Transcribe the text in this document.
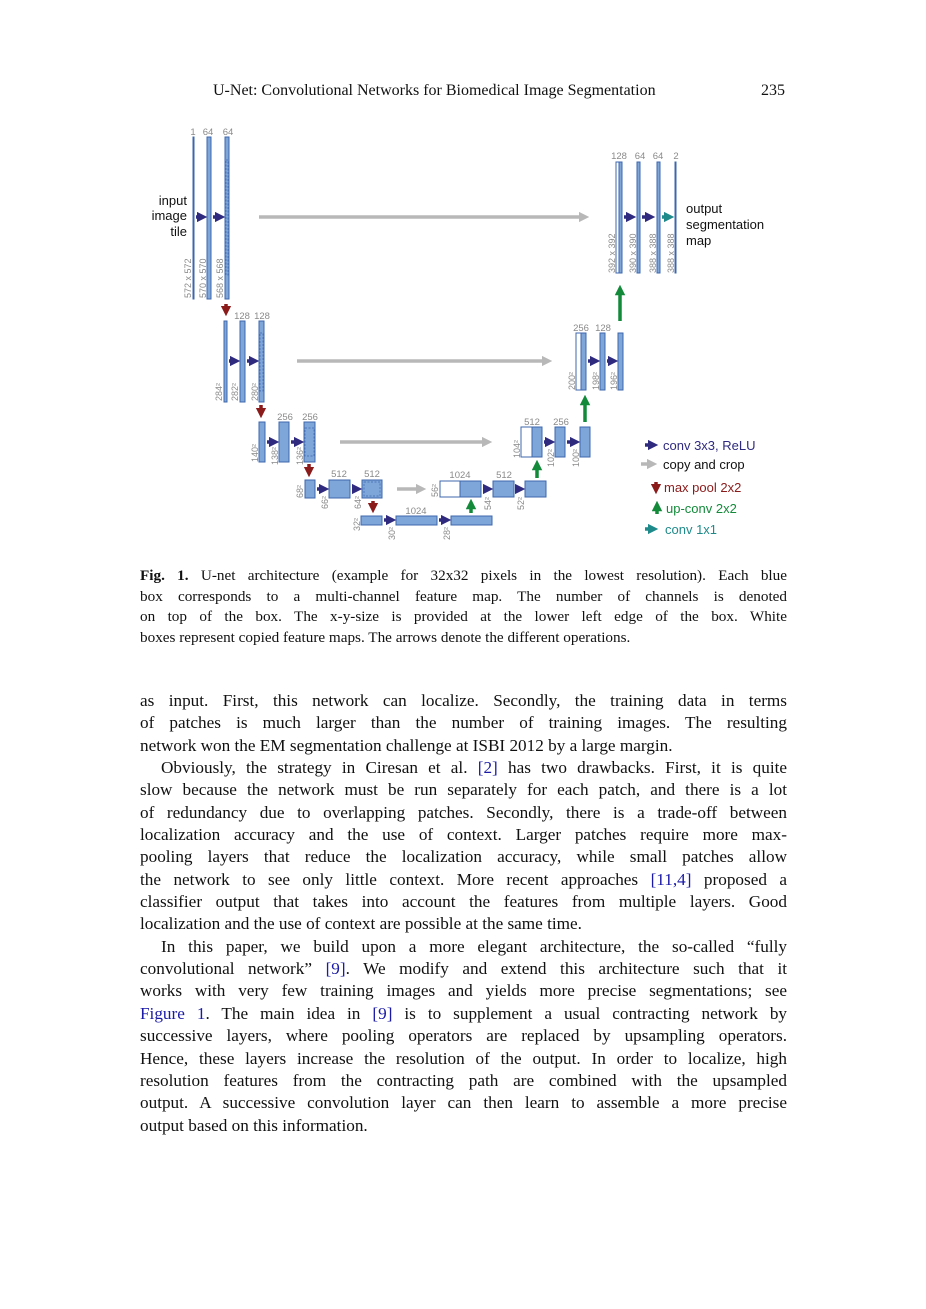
U-Net: Convolutional Networks for Biomedical Image Segmentation	235
1 64 64
128 128
256 256
512 512
1024
1024	512
512 256
256 128
128 64 64 2
572 x 572 570 x 570 568 x 568
284² 282² 280²
140² 138² 136²
68²
66²	64²
32²
30²	28²
56²
54²	52²
104²	102² 100²
200² 198² 196²
392 x 392 390 x 390 388 x 388 388 x 388
input
image
tile
output
segmentation
map
conv 3x3, ReLU
copy and crop
max pool 2x2
up-conv 2x2
conv 1x1
Fig. 1. U-net architecture (example for 32x32 pixels in the lowest resolution). Each blue
box corresponds to a multi-channel feature map. The number of channels is denoted
on top of the box. The x-y-size is provided at the lower left edge of the box. White
boxes represent copied feature maps. The arrows denote the different operations.
as input. First, this network can localize. Secondly, the training data in terms
of patches is much larger than the number of training images. The resulting
network won the EM segmentation challenge at ISBI 2012 by a large margin.
Obviously, the strategy in Ciresan et al. [2] has two drawbacks. First, it is quite
slow because the network must be run separately for each patch, and there is a lot
of redundancy due to overlapping patches. Secondly, there is a trade-off between
localization accuracy and the use of context. Larger patches require more max-
pooling layers that reduce the localization accuracy, while small patches allow
the network to see only little context. More recent approaches [11,4] proposed a
classifier output that takes into account the features from multiple layers. Good
localization and the use of context are possible at the same time.
In this paper, we build upon a more elegant architecture, the so-called “fully
convolutional network” [9]. We modify and extend this architecture such that it
works with very few training images and yields more precise segmentations; see
Figure 1. The main idea in [9] is to supplement a usual contracting network by
successive layers, where pooling operators are replaced by upsampling operators.
Hence, these layers increase the resolution of the output. In order to localize, high
resolution features from the contracting path are combined with the upsampled
output. A successive convolution layer can then learn to assemble a more precise
output based on this information.
